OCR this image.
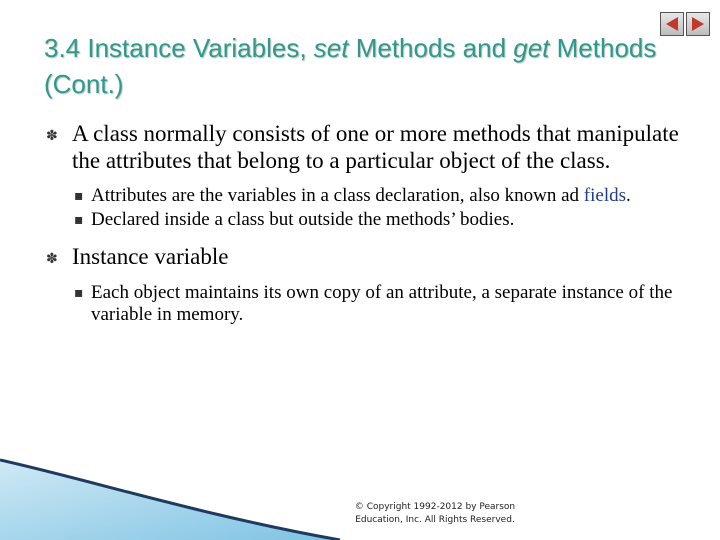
3.4 Instance Variables, set Methods and get Methods (Cont.)
✽ A class normally consists of one or more methods that manipulate the attributes that belong to a particular object of the class.
▪ Attributes are the variables in a class declaration, also known ad fields.
▪ Declared inside a class but outside the methods’ bodies.
✽ Instance variable
▪ Each object maintains its own copy of an attribute, a separate instance of the variable in memory.
© Copyright 1992-2012 by Pearson
Education, Inc. All Rights Reserved.
